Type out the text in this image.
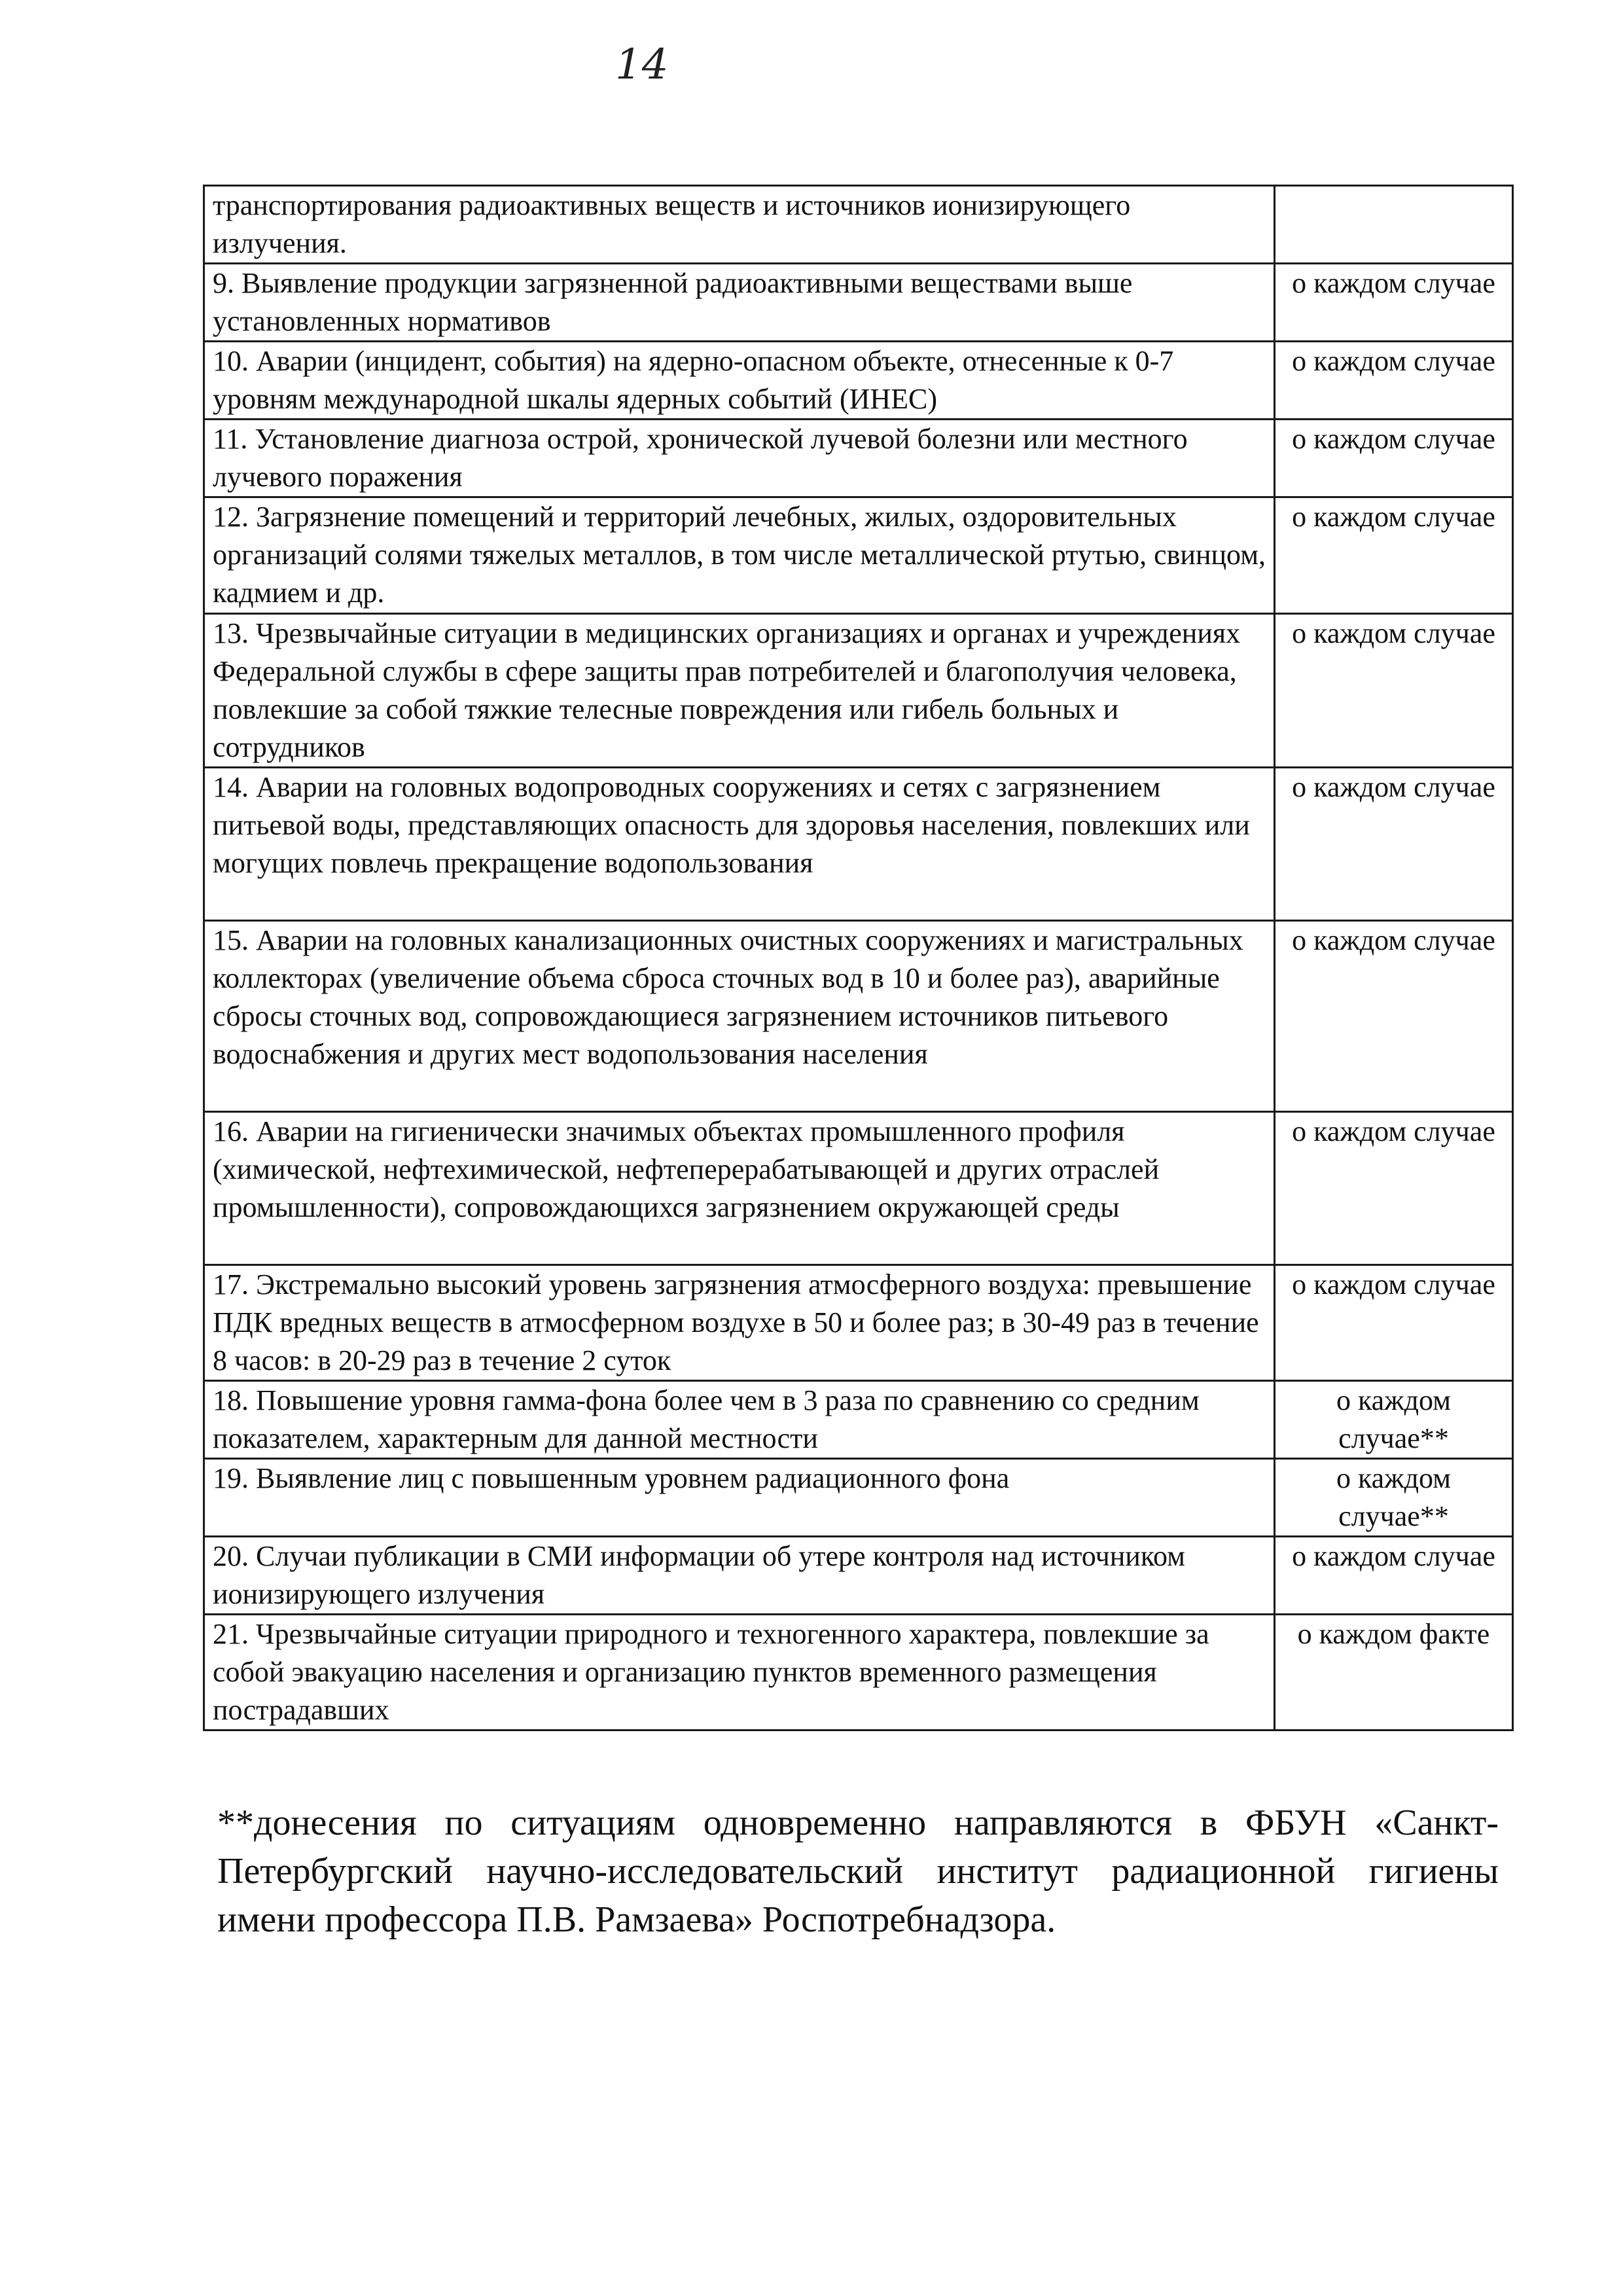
14
транспортирования радиоактивных веществ и источников ионизирующего излучения.	
9. Выявление продукции загрязненной радиоактивными веществами выше установленных нормативов	о каждом случае
10. Аварии (инцидент, события) на ядерно-опасном объекте, отнесенные к 0-7 уровням международной шкалы ядерных событий (ИНЕС)	о каждом случае
11. Установление диагноза острой, хронической лучевой болезни или местного лучевого поражения	о каждом случае
12. Загрязнение помещений и территорий лечебных, жилых, оздоровительных организаций солями тяжелых металлов, в том числе металлической ртутью, свинцом, кадмием и др.	о каждом случае
13. Чрезвычайные ситуации в медицинских организациях и органах и учреждениях Федеральной службы в сфере защиты прав потребителей и благополучия человека, повлекшие за собой тяжкие телесные повреждения или гибель больных и сотрудников	о каждом случае
14. Аварии на головных водопроводных сооружениях и сетях с загрязнением питьевой воды, представляющих опасность для здоровья населения, повлекших или могущих повлечь прекращение водопользования	о каждом случае
15. Аварии на головных канализационных очистных сооружениях и магистральных коллекторах (увеличение объема сброса сточных вод в 10 и более раз), аварийные сбросы сточных вод, сопровождающиеся загрязнением источников питьевого водоснабжения и других мест водопользования населения	о каждом случае
16. Аварии на гигиенически значимых объектах промышленного профиля (химической, нефтехимической, нефтеперерабатывающей и других отраслей промышленности), сопровождающихся загрязнением окружающей среды	о каждом случае
17. Экстремально высокий уровень загрязнения атмосферного воздуха: превышение ПДК вредных веществ в атмосферном воздухе в 50 и более раз; в 30-49 раз в течение 8 часов: в 20-29 раз в течение 2 суток	о каждом случае
18. Повышение уровня гамма-фона более чем в 3 раза по сравнению со средним показателем, характерным для данной местности	о каждом случае**
19. Выявление лиц с повышенным уровнем радиационного фона	о каждом случае**
20. Случаи публикации в СМИ информации об утере контроля над источником ионизирующего излучения	о каждом случае
21. Чрезвычайные ситуации природного и техногенного характера, повлекшие за собой эвакуацию населения и организацию пунктов временного размещения пострадавших	о каждом факте
**донесения по ситуациям одновременно направляются в ФБУН «Санкт-Петербургский научно-исследовательский институт радиационной гигиены имени профессора П.В. Рамзаева» Роспотребнадзора.
